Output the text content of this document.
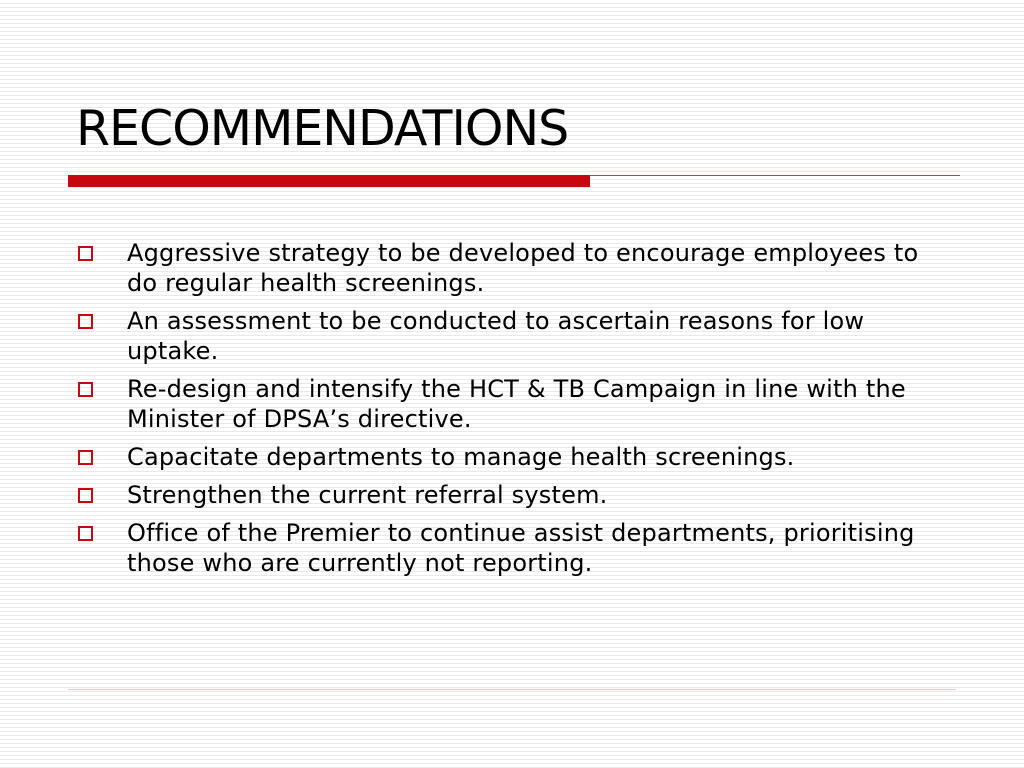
RECOMMENDATIONS
Aggressive strategy to be developed to encourage employees to do regular health screenings.
An assessment to be conducted to ascertain reasons for low uptake.
Re-design and intensify the HCT & TB Campaign in line with the Minister of DPSA’s directive.
Capacitate departments to manage health screenings.
Strengthen the current referral system.
Office of the Premier to continue assist departments, prioritising those who are currently not reporting.
